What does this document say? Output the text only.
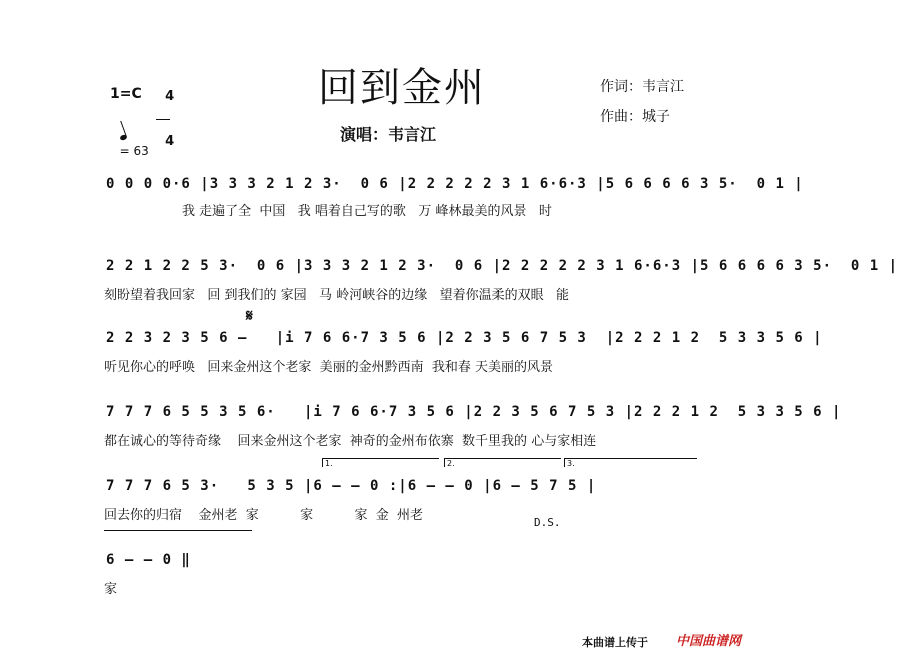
回到金州
1=C	4

4

= 63

演唱：韦言江
作词：韦言江
作曲：城子
0 0 0 0·6 |3 3 3 2 1 2 3·  0 6 |2 2 2 2 2 3 1 6·6·3 |5 6 6 6 6 3 5·  0 1 |
我 走遍了全  中国   我 唱着自己写的歌   万 峰林最美的风景   时
2 2 1 2 2 5 3·  0 6 |3 3 3 2 1 2 3·  0 6 |2 2 2 2 2 3 1 6·6·3 |5 6 6 6 6 3 5·  0 1 |
刻盼望着我回家   回 到我们的 家园   马 岭河峡谷的边缘   望着你温柔的双眼   能
𝄋
2 2 3 2 3 5 6 –   |i 7 6 6·7 3 5 6 |2 2 3 5 6 7 5 3  |2 2 2 1 2  5 3 3 5 6 |
听见你心的呼唤   回来金州这个老家  美丽的金州黔西南  我和春 天美丽的风景
7 7 7 6 5 5 3 5 6·   |i 7 6 6·7 3 5 6 |2 2 3 5 6 7 5 3 |2 2 2 1 2  5 3 3 5 6 |
都在诚心的等待奇缘    回来金州这个老家  神奇的金州布依寨  数千里我的 心与家相连
1.	2.	3.
7 7 7 6 5 3·   5 3 5 |6 – – 0 :|6 – – 0 |6 – 5 7 5 |
回去你的归宿    金州老  家          家          家  金  州老	D.S.
6 – – 0 ‖
家
本曲谱上传于 中国曲谱网
